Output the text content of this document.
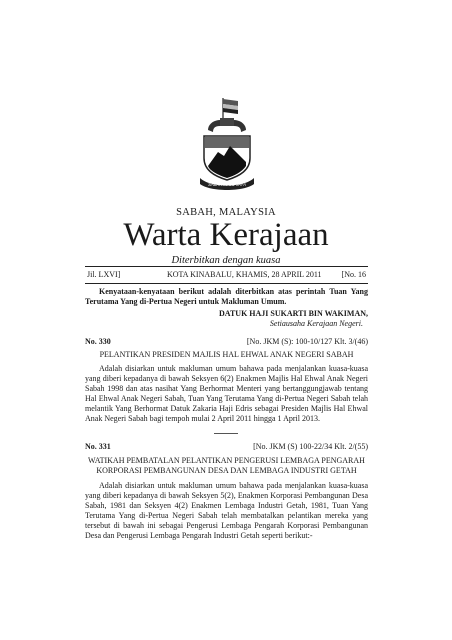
SABAH MAJU JAYA
SABAH, MALAYSIA
Warta Kerajaan
Diterbitkan dengan kuasa
Jil. LXVI]	KOTA KINABALU, KHAMIS, 28 APRIL 2011	[No. 16
Kenyataan-kenyataan berikut adalah diterbitkan atas perintah Tuan Yang Terutama Yang di-Pertua Negeri untuk Makluman Umum.
DATUK HAJI SUKARTI BIN WAKIMAN,
Setiausaha Kerajaan Negeri.
No. 330	[No. JKM (S): 100-10/127 Klt. 3/(46)
PELANTIKAN PRESIDEN MAJLIS HAL EHWAL ANAK NEGERI SABAH
Adalah disiarkan untuk makluman umum bahawa pada menjalankan kuasa-kuasa yang diberi kepadanya di bawah Seksyen 6(2) Enakmen Majlis Hal Ehwal Anak Negeri Sabah 1998 dan atas nasihat Yang Berhormat Menteri yang bertanggungjawab tentang Hal Ehwal Anak Negeri Sabah, Tuan Yang Terutama Yang di-Pertua Negeri Sabah telah melantik Yang Berhormat Datuk Zakaria Haji Edris sebagai Presiden Majlis Hal Ehwal Anak Negeri Sabah bagi tempoh mulai 2 April 2011 hingga 1 April 2013.
No. 331	[No. JKM (S) 100-22/34 Klt. 2/(55)
WATIKAH PEMBATALAN PELANTIKAN PENGERUSI LEMBAGA PENGARAH KORPORASI PEMBANGUNAN DESA DAN LEMBAGA INDUSTRI GETAH
Adalah disiarkan untuk makluman umum bahawa pada menjalankan kuasa-kuasa yang diberi kepadanya di bawah Seksyen 5(2), Enakmen Korporasi Pembangunan Desa Sabah, 1981 dan Seksyen 4(2) Enakmen Lembaga Industri Getah, 1981, Tuan Yang Terutama Yang di-Pertua Negeri Sabah telah membatalkan pelantikan mereka yang tersebut di bawah ini sebagai Pengerusi Lembaga Pengarah Korporasi Pembangunan Desa dan Pengerusi Lembaga Pengarah Industri Getah seperti berikut:-
